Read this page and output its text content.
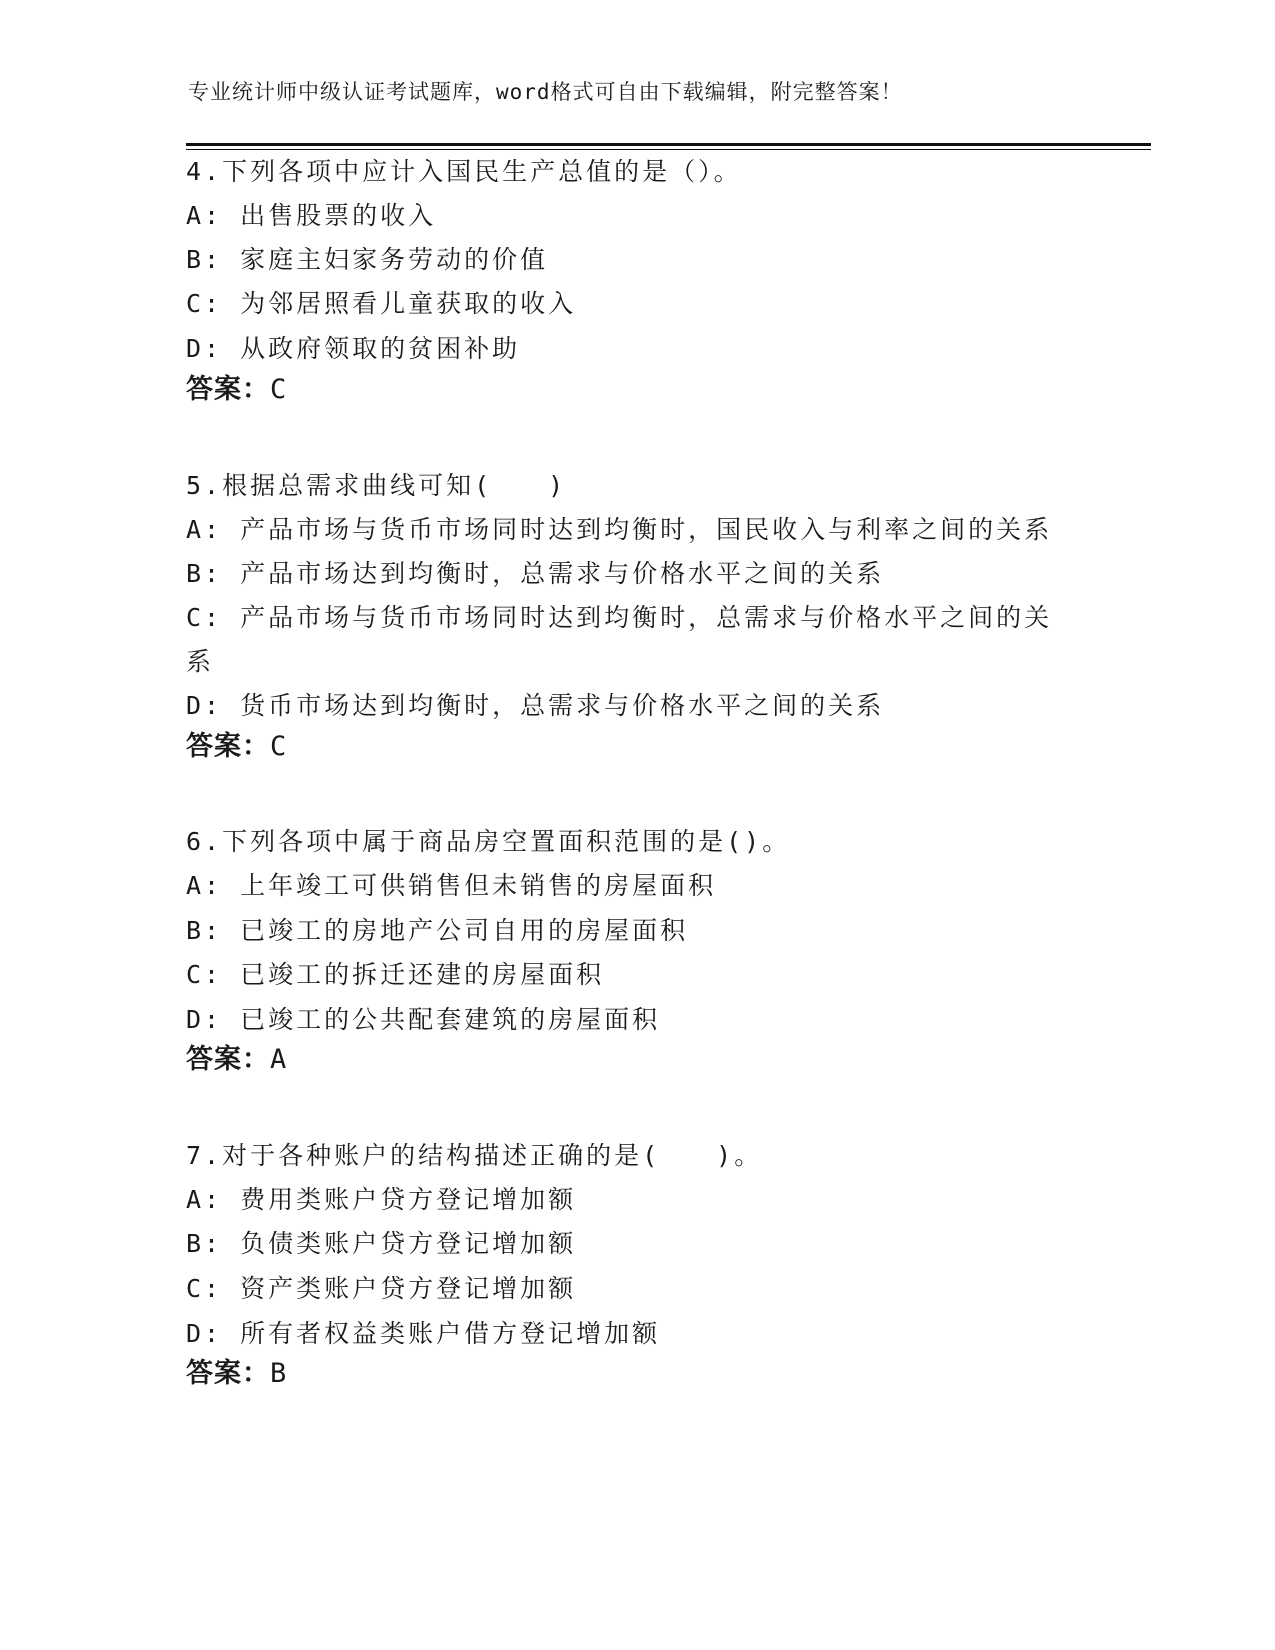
专业统计师中级认证考试题库，word格式可自由下载编辑，附完整答案！
4.下列各项中应计入国民生产总值的是（）。
A: 出售股票的收入
B: 家庭主妇家务劳动的价值
C: 为邻居照看儿童获取的收入
D: 从政府领取的贫困补助
答案：C
5.根据总需求曲线可知(　　)
A: 产品市场与货币市场同时达到均衡时，国民收入与利率之间的关系
B: 产品市场达到均衡时，总需求与价格水平之间的关系
C: 产品市场与货币市场同时达到均衡时，总需求与价格水平之间的关
系
D: 货币市场达到均衡时，总需求与价格水平之间的关系
答案：C
6.下列各项中属于商品房空置面积范围的是()。
A: 上年竣工可供销售但未销售的房屋面积
B: 已竣工的房地产公司自用的房屋面积
C: 已竣工的拆迁还建的房屋面积
D: 已竣工的公共配套建筑的房屋面积
答案：A
7.对于各种账户的结构描述正确的是(　　)。
A: 费用类账户贷方登记增加额
B: 负债类账户贷方登记增加额
C: 资产类账户贷方登记增加额
D: 所有者权益类账户借方登记增加额
答案：B
